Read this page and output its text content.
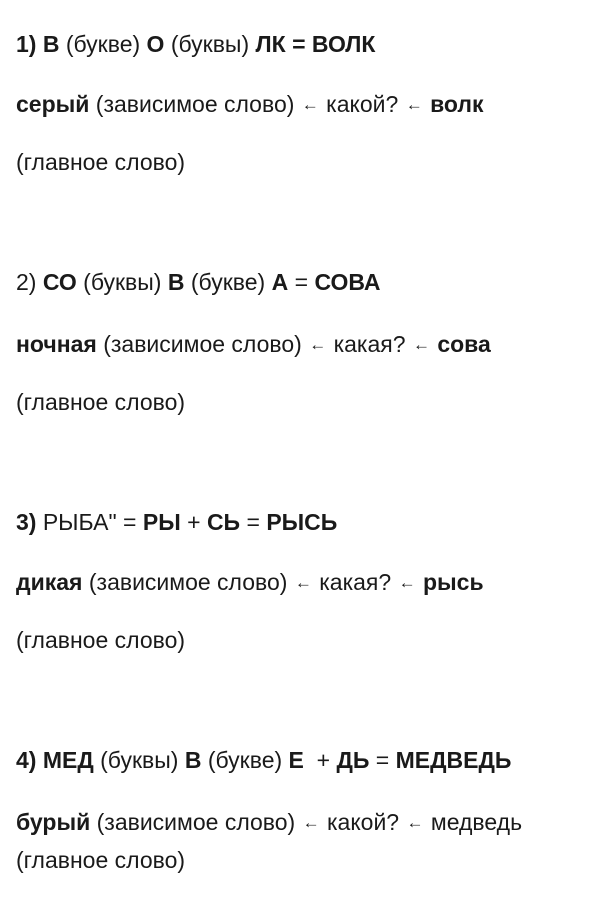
1) В (букве) О (буквы) ЛК = ВОЛК
серый (зависимое слово) ← какой? ← волк
(главное слово)
2) СО (буквы) В (букве) А = СОВА
ночная (зависимое слово) ← какая? ← сова
(главное слово)
3) РЫБА" = РЫ + СЬ = РЫСЬ
дикая (зависимое слово) ← какая? ← рысь
(главное слово)
4) МЕД (буквы) В (букве) Е  + ДЬ = МЕДВЕДЬ
бурый (зависимое слово) ← какой? ← медведь
(главное слово)
